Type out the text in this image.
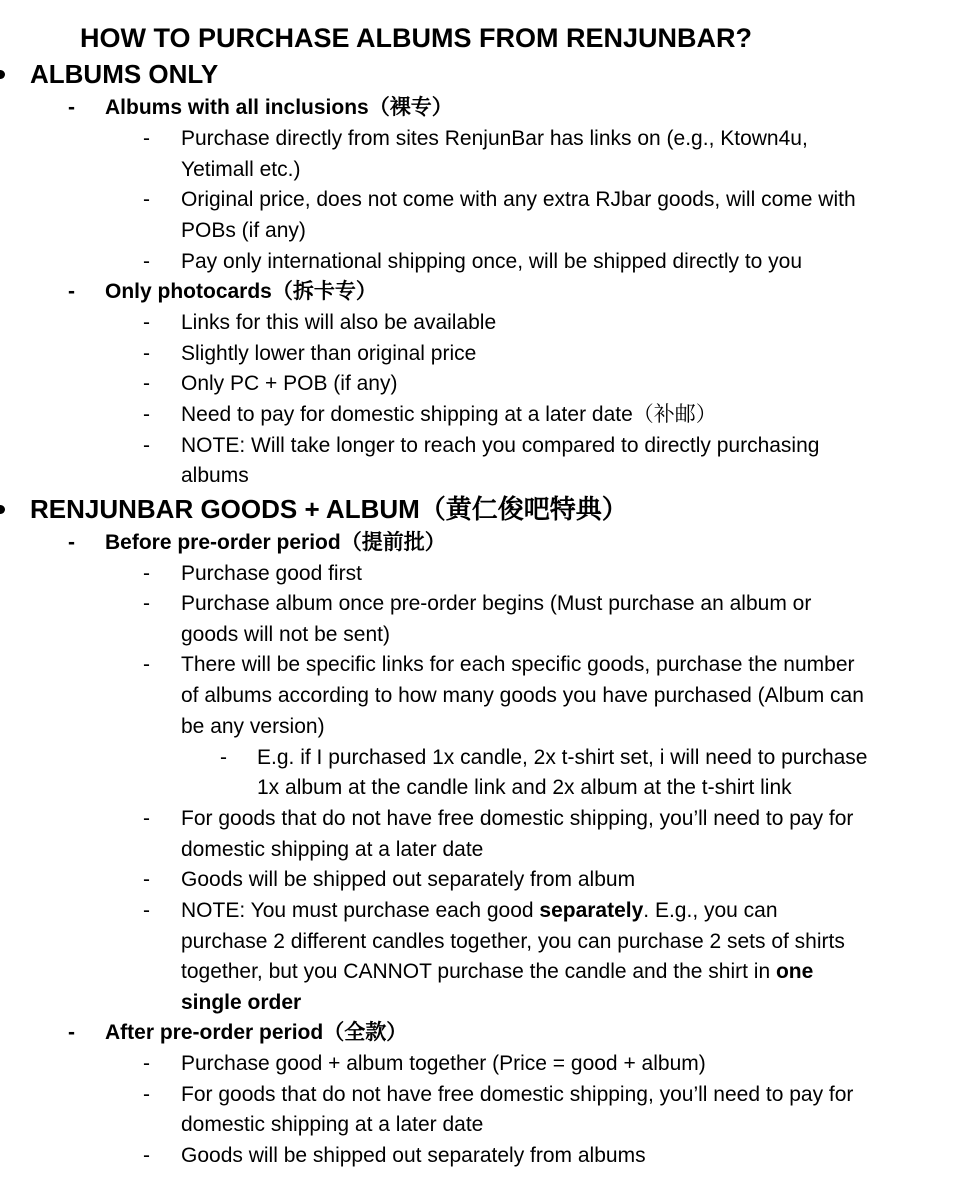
HOW TO PURCHASE ALBUMS FROM RENJUNBAR?
ALBUMS ONLY
- Albums with all inclusions（裸专）
- Purchase directly from sites RenjunBar has links on (e.g., Ktown4u,
Yetimall etc.)
- Original price, does not come with any extra RJbar goods, will come with
POBs (if any)
- Pay only international shipping once, will be shipped directly to you
- Only photocards（拆卡专）
- Links for this will also be available
- Slightly lower than original price
- Only PC + POB (if any)
- Need to pay for domestic shipping at a later date（补邮）
- NOTE: Will take longer to reach you compared to directly purchasing
albums
RENJUNBAR GOODS + ALBUM（黄仁俊吧特典）
- Before pre-order period（提前批）
- Purchase good first
- Purchase album once pre-order begins (Must purchase an album or
goods will not be sent)
- There will be specific links for each specific goods, purchase the number
of albums according to how many goods you have purchased (Album can
be any version)
- E.g. if I purchased 1x candle, 2x t-shirt set, i will need to purchase
1x album at the candle link and 2x album at the t-shirt link
- For goods that do not have free domestic shipping, you’ll need to pay for
domestic shipping at a later date
- Goods will be shipped out separately from album
- NOTE: You must purchase each good separately. E.g., you can
purchase 2 different candles together, you can purchase 2 sets of shirts
together, but you CANNOT purchase the candle and the shirt in one
single order
- After pre-order period（全款）
- Purchase good + album together (Price = good + album)
- For goods that do not have free domestic shipping, you’ll need to pay for
domestic shipping at a later date
- Goods will be shipped out separately from albums
